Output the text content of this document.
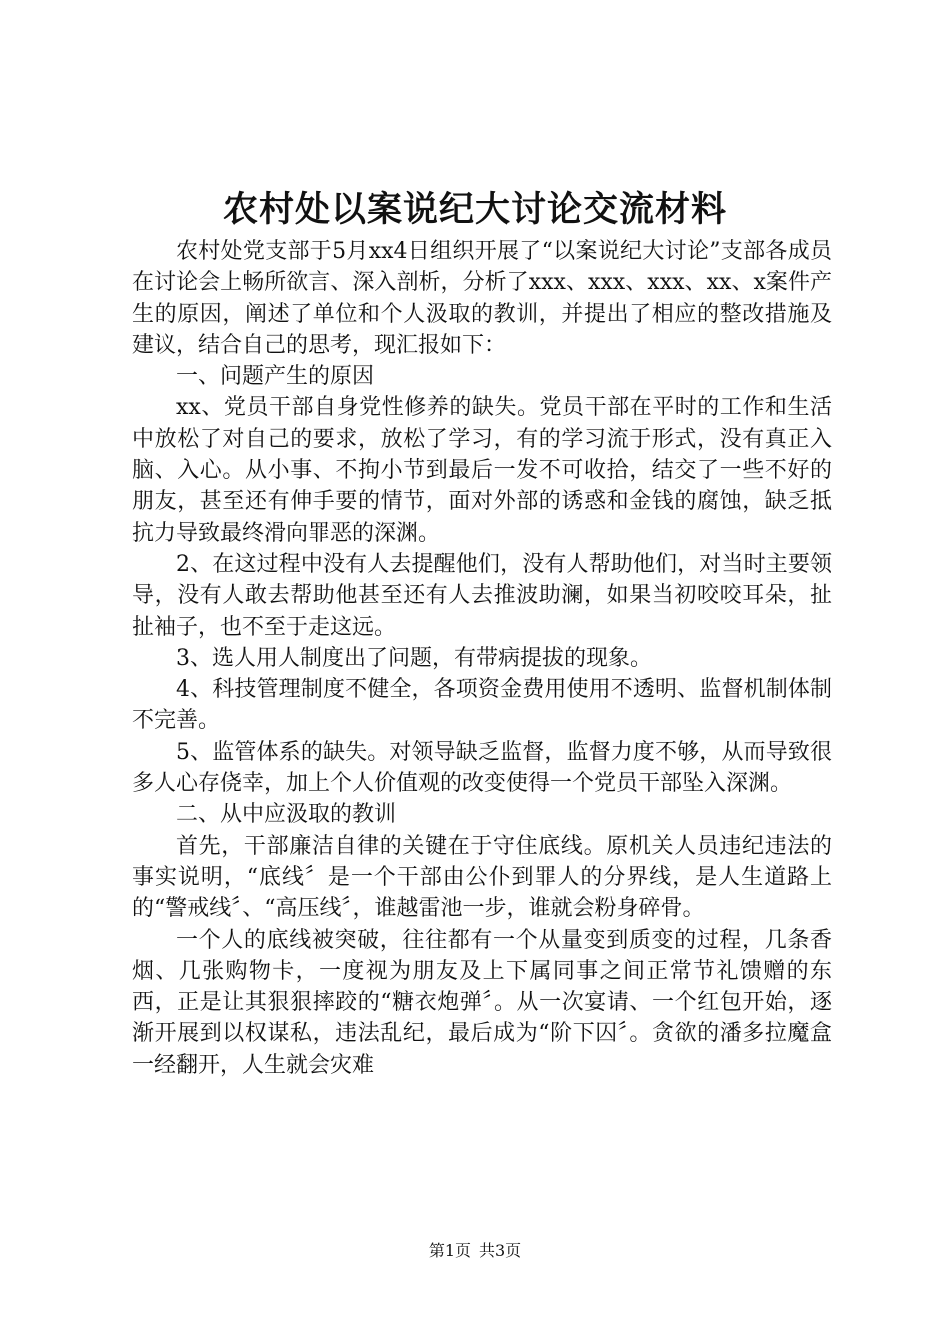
农村处以案说纪大讨论交流材料

农村处党支部于5月xx4日组织开展了“以案说纪大讨论”支部各成员在讨论会上畅所欲言、深入剖析，分析了xxx、xxx、xxx、xx、x案件产生的原因，阐述了单位和个人汲取的教训，并提出了相应的整改措施及建议，结合自己的思考，现汇报如下：

一、问题产生的原因

xx、党员干部自身党性修养的缺失。党员干部在平时的工作和生活中放松了对自己的要求，放松了学习，有的学习流于形式，没有真正入脑、入心。从小事、不拘小节到最后一发不可收拾，结交了一些不好的朋友，甚至还有伸手要的情节，面对外部的诱惑和金钱的腐蚀，缺乏抵抗力导致最终滑向罪恶的深渊。

2、在这过程中没有人去提醒他们，没有人帮助他们，对当时主要领导，没有人敢去帮助他甚至还有人去推波助澜，如果当初咬咬耳朵，扯扯袖子，也不至于走这远。

3、选人用人制度出了问题，有带病提拔的现象。

4、科技管理制度不健全，各项资金费用使用不透明、监督机制体制不完善。

5、监管体系的缺失。对领导缺乏监督，监督力度不够，从而导致很多人心存侥幸，加上个人价值观的改变使得一个党员干部坠入深渊。

二、从中应汲取的教训

首先，干部廉洁自律的关键在于守住底线。原机关人员违纪违法的事实说明，“底线〞是一个干部由公仆到罪人的分界线，是人生道路上的“警戒线〞、“高压线〞，谁越雷池一步，谁就会粉身碎骨。

一个人的底线被突破，往往都有一个从量变到质变的过程，几条香烟、几张购物卡，一度视为朋友及上下属同事之间正常节礼馈赠的东西，正是让其狠狠摔跤的“糖衣炮弹〞。从一次宴请、一个红包开始，逐渐开展到以权谋私，违法乱纪，最后成为“阶下囚〞。贪欲的潘多拉魔盒一经翻开，人生就会灾难

第1页 共3页
